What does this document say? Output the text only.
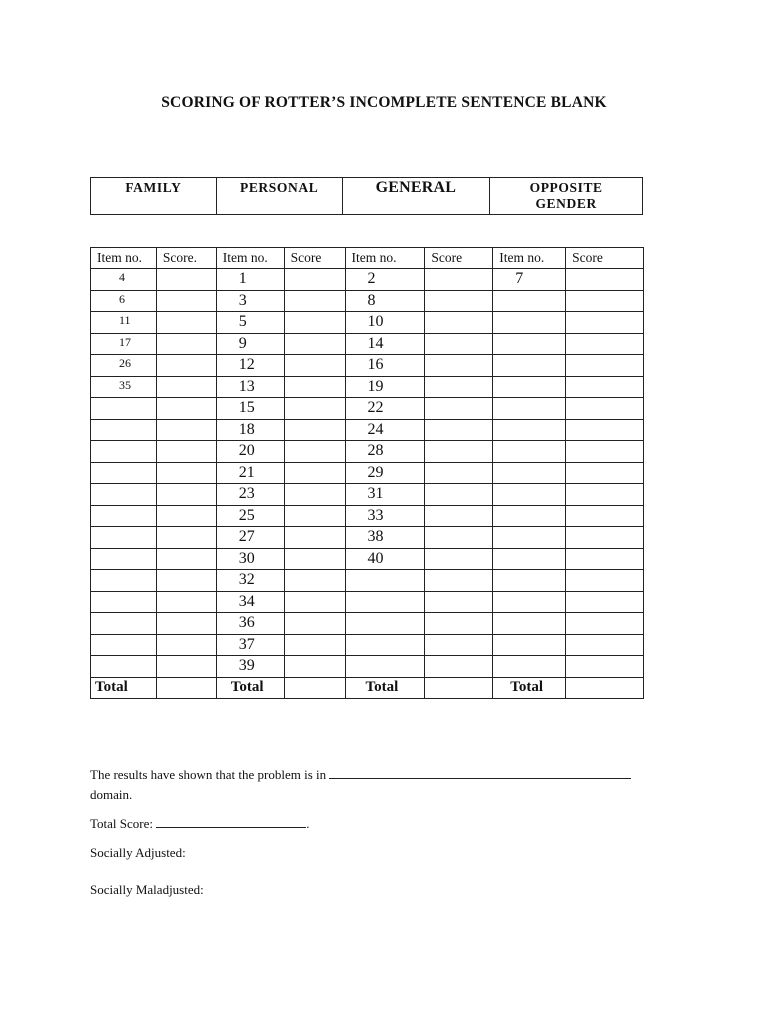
SCORING OF ROTTER’S INCOMPLETE SENTENCE BLANK
FAMILY	PERSONAL	GENERAL	OPPOSITE
GENDER
Item no.	Score.	Item no.	Score	Item no.	Score	Item no.	Score
4		1		2		7	
6		3		8			
11		5		10			
17		9		14			
26		12		16			
35		13		19			
		15		22			
		18		24			
		20		28			
		21		29			
		23		31			
		25		33			
		27		38			
		30		40			
		32					
		34					
		36					
		37					
		39					
Total		Total		Total		Total	
The results have shown that the problem is in
domain.
Total Score:	.
Socially Adjusted:
Socially Maladjusted:
